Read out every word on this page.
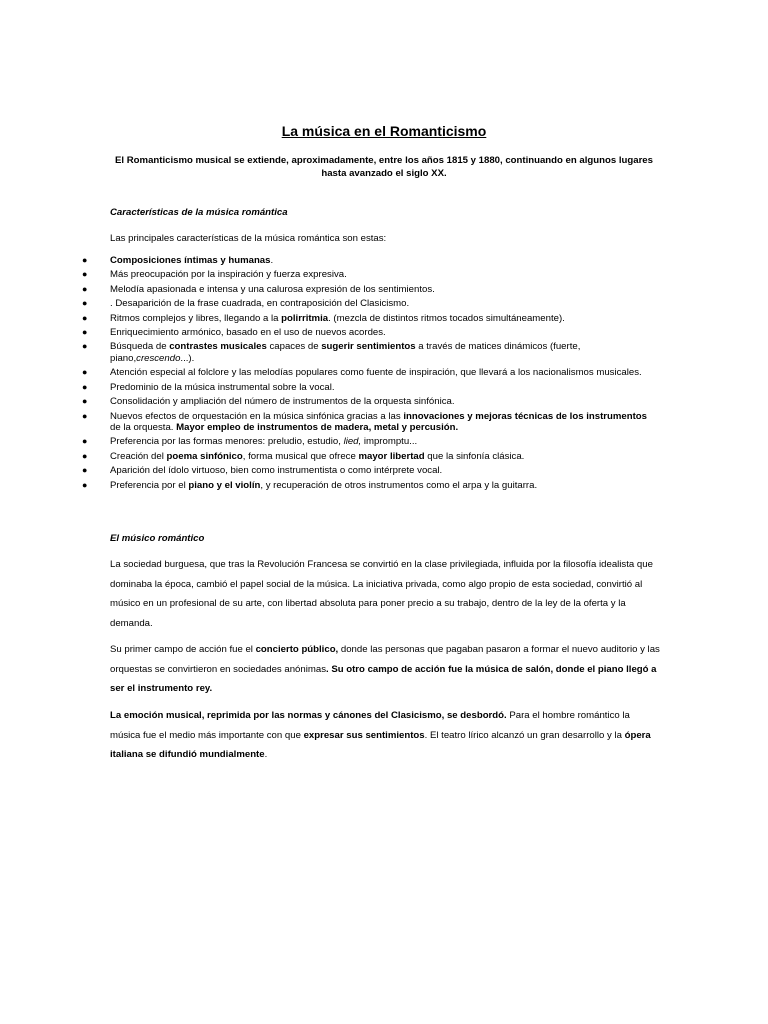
La música en el Romanticismo
El Romanticismo musical se extiende, aproximadamente, entre los años 1815 y 1880, continuando en algunos lugares hasta avanzado el siglo XX.
Características de la música romántica
Las principales características de la música romántica son estas:
● Composiciones íntimas y humanas.
● Más preocupación por la inspiración y fuerza expresiva.
● Melodía apasionada e intensa y una calurosa expresión de los sentimientos.
● . Desaparición de la frase cuadrada, en contraposición del Clasicismo.
● Ritmos complejos y libres, llegando a la polirritmia. (mezcla de distintos ritmos tocados simultáneamente).
● Enriquecimiento armónico, basado en el uso de nuevos acordes.
● Búsqueda de contrastes musicales capaces de sugerir sentimientos a través de matices dinámicos (fuerte, piano,crescendo...).
● Atención especial al folclore y las melodías populares como fuente de inspiración, que llevará a los nacionalismos musicales.
● Predominio de la música instrumental sobre la vocal.
● Consolidación y ampliación del número de instrumentos de la orquesta sinfónica.
● Nuevos efectos de orquestación en la música sinfónica gracias a las innovaciones y mejoras técnicas de los instrumentos de la orquesta. Mayor empleo de instrumentos de madera, metal y percusión.
● Preferencia por las formas menores: preludio, estudio, lied, impromptu...
● Creación del poema sinfónico, forma musical que ofrece mayor libertad que la sinfonía clásica.
● Aparición del ídolo virtuoso, bien como instrumentista o como intérprete vocal.
● Preferencia por el piano y el violín, y recuperación de otros instrumentos como el arpa y la guitarra.
El músico romántico
La sociedad burguesa, que tras la Revolución Francesa se convirtió en la clase privilegiada, influida por la filosofía idealista que dominaba la época, cambió el papel social de la música. La iniciativa privada, como algo propio de esta sociedad, convirtió al músico en un profesional de su arte, con libertad absoluta para poner precio a su trabajo, dentro de la ley de la oferta y la demanda.
Su primer campo de acción fue el concierto público, donde las personas que pagaban pasaron a formar el nuevo auditorio y las orquestas se convirtieron en sociedades anónimas. Su otro campo de acción fue la música de salón, donde el piano llegó a ser el instrumento rey.
La emoción musical, reprimida por las normas y cánones del Clasicismo, se desbordó. Para el hombre romántico la música fue el medio más importante con que expresar sus sentimientos. El teatro lírico alcanzó un gran desarrollo y la ópera italiana se difundió mundialmente.
